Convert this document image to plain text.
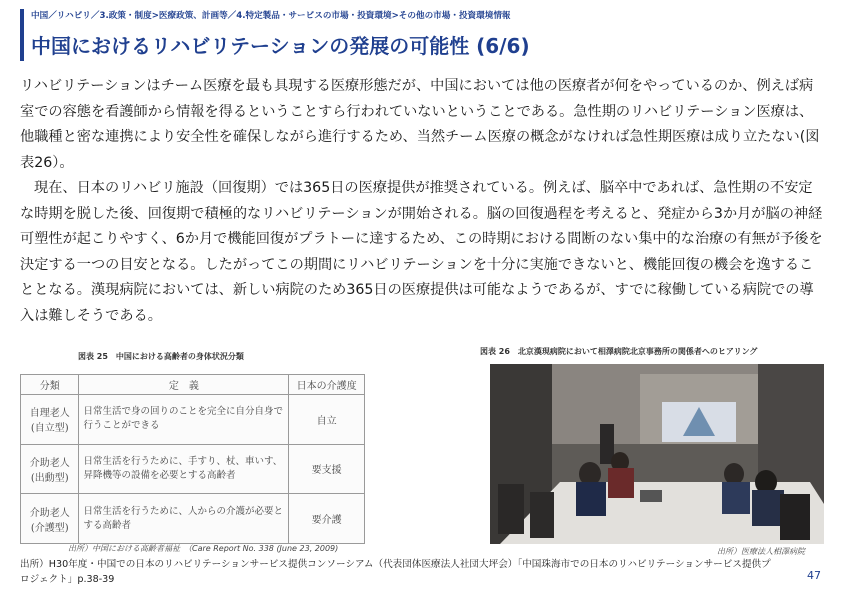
中国／リハビリ／3.政策・制度>医療政策、計画等／4.特定製品・サービスの市場・投資環境>その他の市場・投資環境情報
中国におけるリハビリテーションの発展の可能性 (6/6)

リハビリテーションはチーム医療を最も具現する医療形態だが、中国においては他の医療者が何をやっているのか、例えば病室での容態を看護師から情報を得るということすら行われていないということである。急性期のリハビリテーション医療は、他職種と密な連携により安全性を確保しながら進行するため、当然チーム医療の概念がなければ急性期医療は成り立たない(図表26）。

現在、日本のリハビリ施設（回復期）では365日の医療提供が推奨されている。例えば、脳卒中であれば、急性期の不安定な時期を脱した後、回復期で積極的なリハビリテーションが開始される。脳の回復過程を考えると、発症から3か月が脳の神経可塑性が起こりやすく、6か月で機能回復がプラトーに達するため、この時期における間断のない集中的な治療の有無が予後を決定する一つの目安となる。したがってこの期間にリハビリテーションを十分に実施できないと、機能回復の機会を逸することとなる。漢現病院においては、新しい病院のため365日の医療提供は可能なようであるが、すでに稼働している病院での導入は難しそうである。

図表 25　中国における高齢者の身体状況分類
分類	定　義	日本の介護度

自理老人
(自立型)	日常生活で身の回りのことを完全に自分自身で行うことができる	自立

介助老人
(出動型)	日常生活を行うために、手すり、杖、車いす、昇降機等の設備を必要とする高齢者	要支援

介助老人
(介護型)	日常生活を行うために、人からの介護が必要とする高齢者	要介護
出所）中国における高齢者福祉　（Care Report No. 338 (June 23, 2009)
図表 26　北京漢現病院において相澤病院北京事務所の関係者へのヒアリング
出所）医療法人相澤病院
出所）H30年度・中国での日本のリハビリテーションサービス提供コンソーシアム（代表団体医療法人社団大坪会）「中国珠海市での日本のリハビリテーションサービス提供プロジェクト」p.38-39	47
